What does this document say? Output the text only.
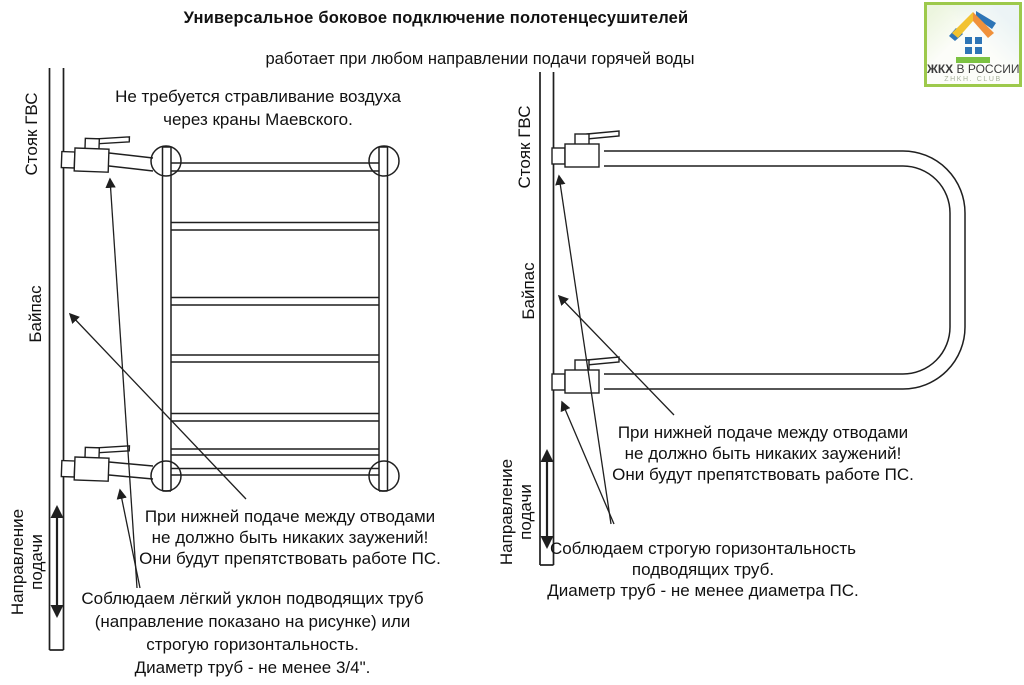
Универсальное боковое подключение полотенцесушителей
работает при любом направлении подачи горячей воды
ЖКХ В РОССИИ
ZHKH. CLUB
Стояк ГВС
Байпас
Направление подачи
Стояк ГВС
Байпас
Направление подачи
Не требуется стравливание воздуха
через краны Маевского.
При нижней подаче между отводами
не должно быть никаких заужений!
Они будут препятствовать работе ПС.
Соблюдаем лёгкий уклон подводящих труб
(направление показано на рисунке) или
строгую горизонтальность.
Диаметр труб - не менее 3/4".
При нижней подаче между отводами
не должно быть никаких заужений!
Они будут препятствовать работе ПС.
Соблюдаем строгую горизонтальность
подводящих труб.
Диаметр труб - не менее диаметра ПС.
